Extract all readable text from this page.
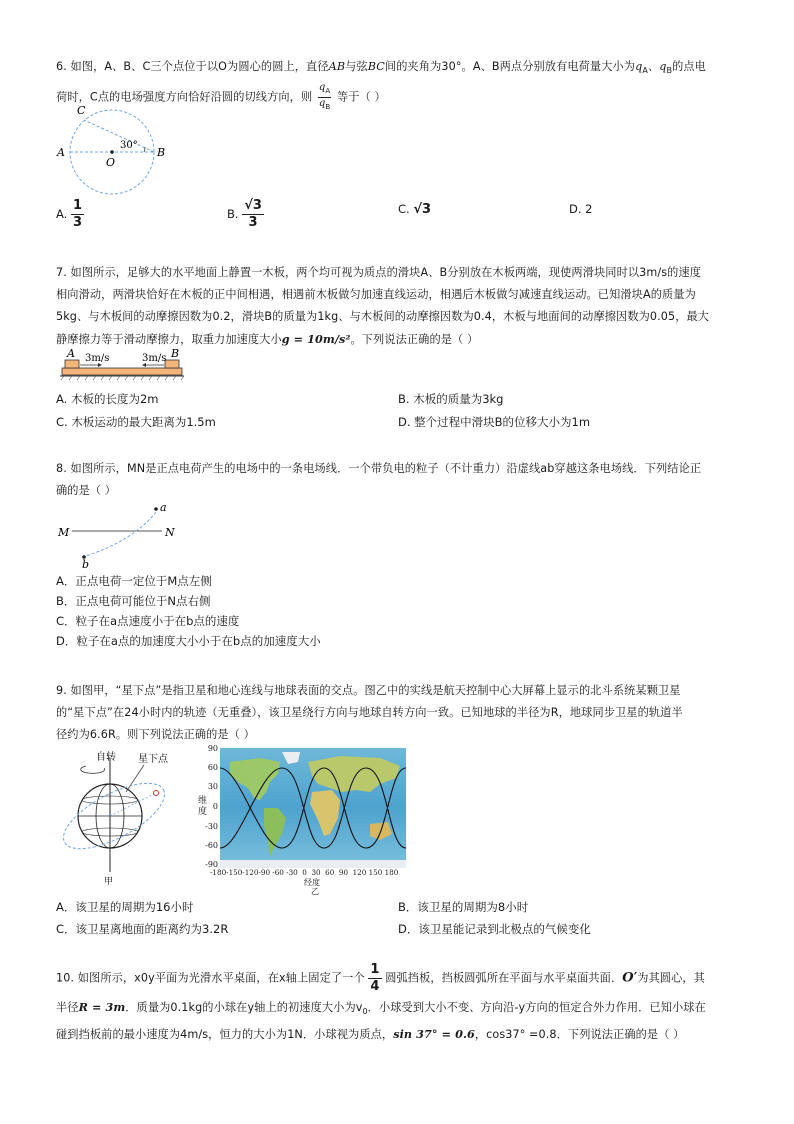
6. 如图，A、B、C三个点位于以O为圆心的圆上，直径AB与弦BC间的夹角为30°。A、B两点分别放有电荷量大小为$q_A$、$q_B$的点电
荷时，C点的电场强度方向恰好沿圆的切线方向，则 $\frac{q_A}{q_B}$ 等于（ ）
C
A
O
B
30°
A. $\frac{1}{3}$	B. $\frac{√3}{3}$	C. √3	D. 2
7. 如图所示，足够大的水平地面上静置一木板，两个均可视为质点的滑块A、B分别放在木板两端，现使两滑块同时以3m/s的速度
相向滑动，两滑块恰好在木板的正中间相遇，相遇前木板做匀加速直线运动，相遇后木板做匀减速直线运动。已知滑块A的质量为
5kg、与木板间的动摩擦因数为0.2，滑块B的质量为1kg、与木板间的动摩擦因数为0.4，木板与地面间的动摩擦因数为0.05，最大
静摩擦力等于滑动摩擦力，取重力加速度大小g = 10m/s²。下列说法正确的是（ ）
A	B
3m/s	3m/s
A. 木板的长度为2m	B. 木板的质量为3kg
C. 木板运动的最大距离为1.5m	D. 整个过程中滑块B的位移大小为1m
8. 如图所示，MN是正点电荷产生的电场中的一条电场线．一个带负电的粒子（不计重力）沿虚线ab穿越这条电场线．下列结论正
确的是（ ）
M	N
a
b
A．正点电荷一定位于M点左侧
B．正点电荷可能位于N点右侧
C．粒子在a点速度小于在b点的速度
D．粒子在a点的加速度大小小于在b点的加速度大小
9. 如图甲，“星下点”是指卫星和地心连线与地球表面的交点。图乙中的实线是航天控制中心大屏幕上显示的北斗系统某颗卫星
的“星下点”在24小时内的轨迹（无重叠），该卫星绕行方向与地球自转方向一致。已知地球的半径为R，地球同步卫星的轨道半
径约为6.6R。则下列说法正确的是（ ）
自转 星下点
甲
90
60
30
0
-30
-60
-90
维
度
-180-150-120-90 -60 -30  0  30  60  90  120 150 180
经度
乙
A．该卫星的周期为16小时	B．该卫星的周期为8小时
C．该卫星离地面的距离约为3.2R	D．该卫星能记录到北极点的气候变化
10. 如图所示，x0y平面为光滑水平桌面，在x轴上固定了一个 $\frac{1}{4}$ 圆弧挡板，挡板圆弧所在平面与水平桌面共面．O′为其圆心，其
半径R = 3m．质量为0.1kg的小球在y轴上的初速度大小为$v_0$．小球受到大小不变、方向沿-y方向的恒定合外力作用．已知小球在
碰到挡板前的最小速度为4m/s，恒力的大小为1N．小球视为质点，sin 37° = 0.6，cos37° =0.8．下列说法正确的是（ ）
